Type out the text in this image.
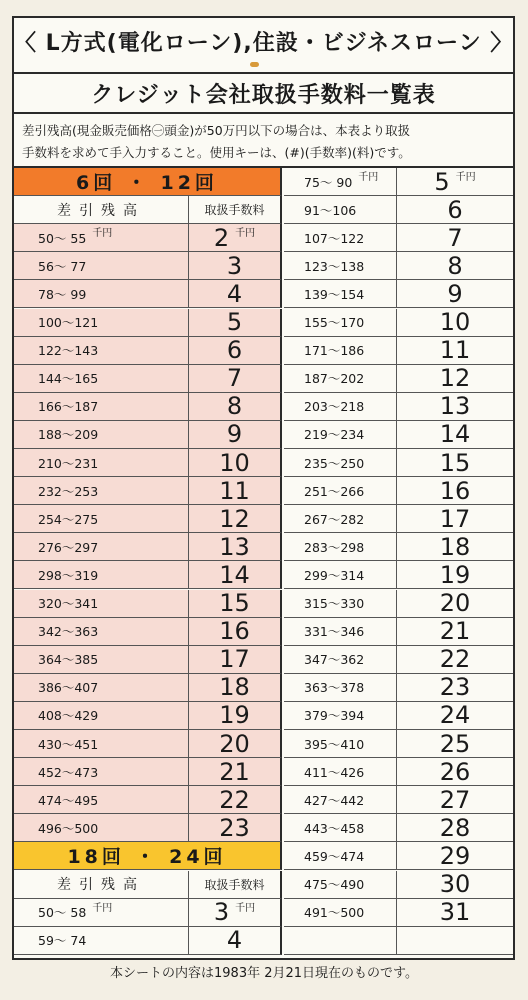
〈 L方式(電化ローン),住設・ビジネスローン 〉
クレジット会社取扱手数料一覧表
差引残高(現金販売価格㊀頭金)が50万円以下の場合は、本表より取扱
手数料を求めて手入力すること。使用キーは、(#)(手数率)(料)です。
6回 ・ 12回
差引残高	取扱手数料
50～ 55 千円	2 千円
56～ 77	3
78～ 99	4
100～121	5
122～143	6
144～165	7
166～187	8
188～209	9
210～231	10
232～253	11
254～275	12
276～297	13
298～319	14
320～341	15
342～363	16
364～385	17
386～407	18
408～429	19
430～451	20
452～473	21
474～495	22
496～500	23
18回 ・ 24回
差引残高	取扱手数料
50～ 58 千円	3 千円
59～ 74	4
75～ 90 千円 5 千円
91～106	6
107～122	7
123～138	8
139～154	9
155～170	10
171～186	11
187～202	12
203～218	13
219～234	14
235～250	15
251～266	16
267～282	17
283～298	18
299～314	19
315～330	20
331～346	21
347～362	22
363～378	23
379～394	24
395～410	25
411～426	26
427～442	27
443～458	28
459～474	29
475～490	30
491～500	31
本シートの内容は1983年 2月21日現在のものです。
